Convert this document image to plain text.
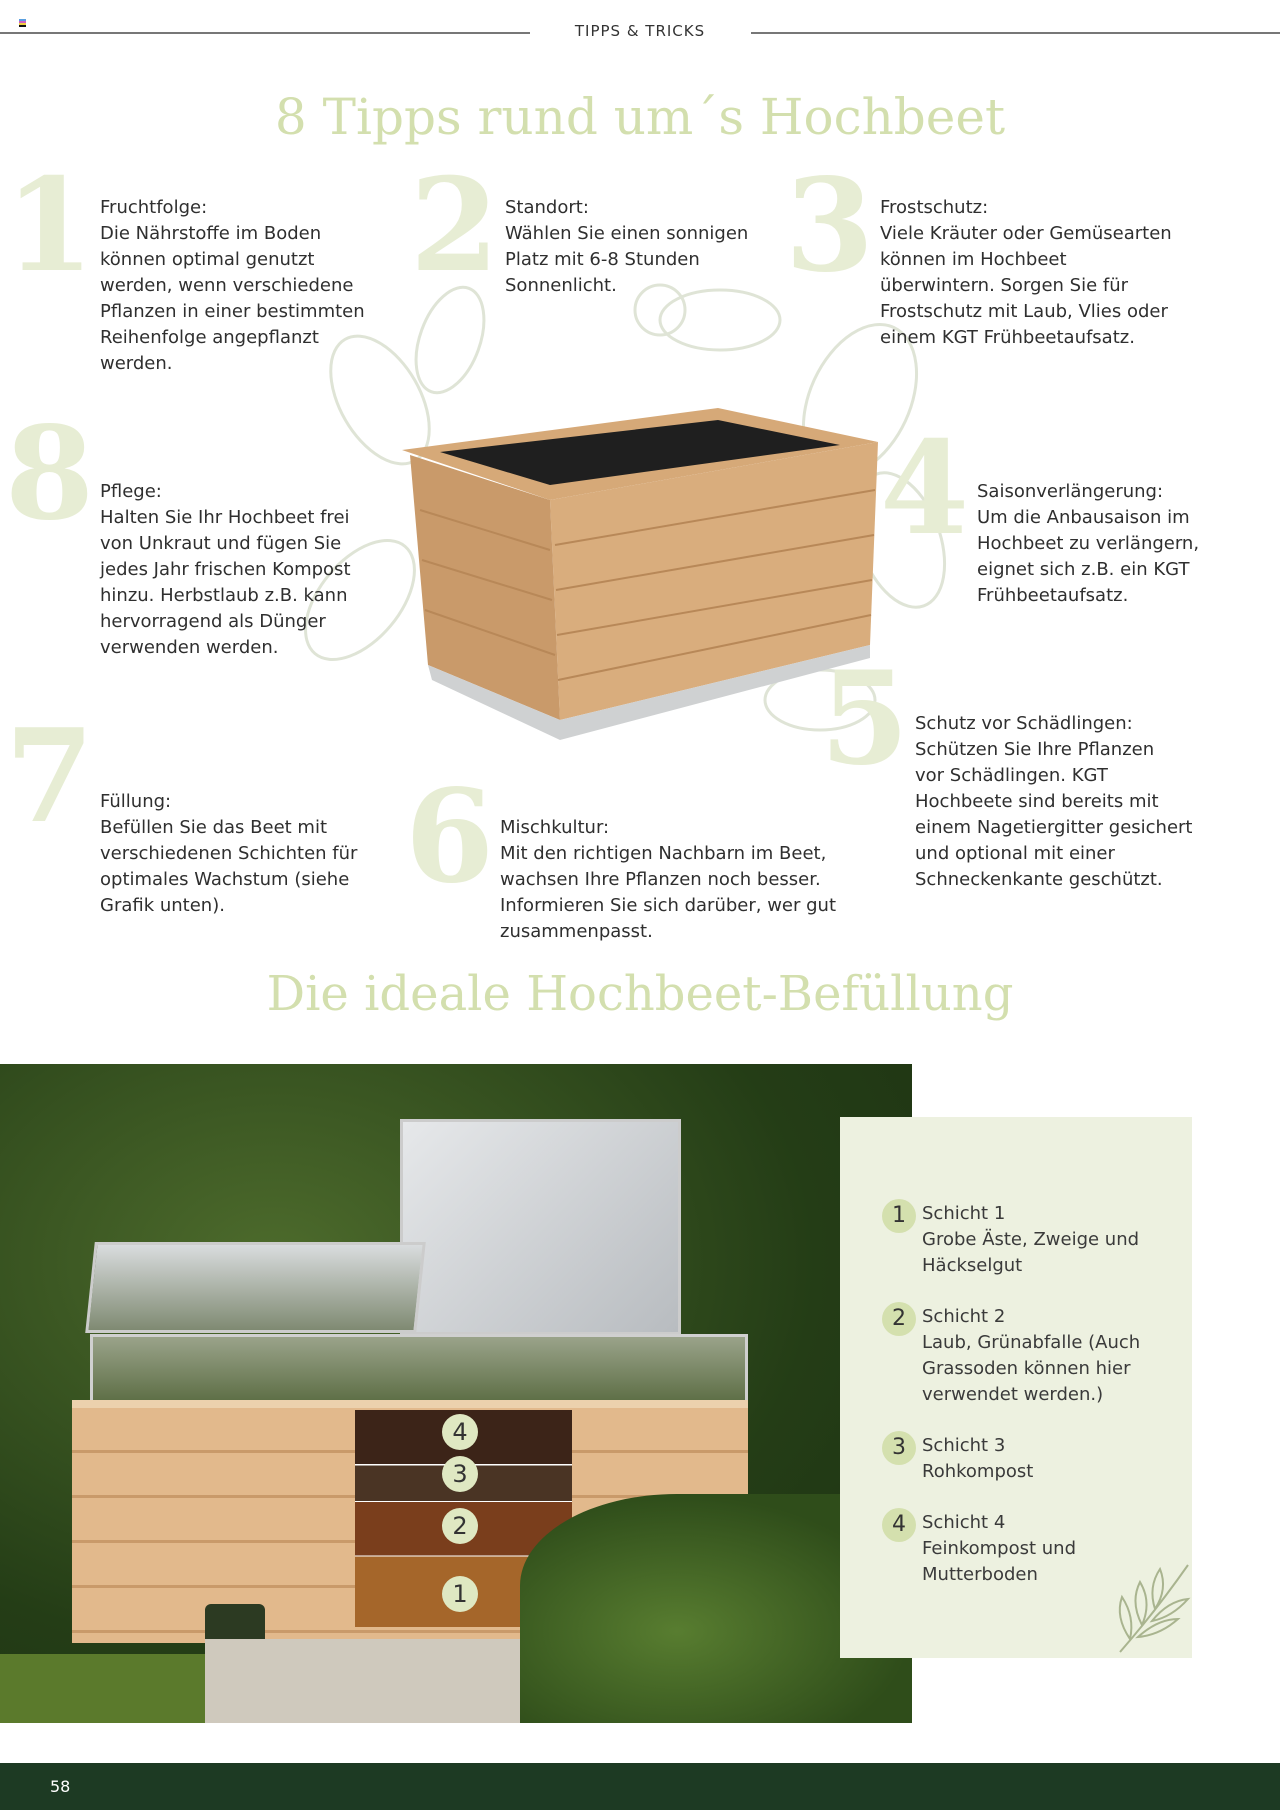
TIPPS & TRICKS
8 Tipps rund um´s Hochbeet
1 2 3
4
5
6
7
8
Fruchtfolge:
Die Nährstoffe im Boden
können optimal genutzt
werden, wenn verschiedene
Pflanzen in einer bestimmten
Reihenfolge angepflanzt
werden.
Standort:
Wählen Sie einen sonnigen
Platz mit 6-8 Stunden
Sonnenlicht.
Frostschutz:
Viele Kräuter oder Gemüsearten
können im Hochbeet
überwintern. Sorgen Sie für
Frostschutz mit Laub, Vlies oder
einem KGT Frühbeetaufsatz.
Pflege:
Halten Sie Ihr Hochbeet frei
von Unkraut und fügen Sie
jedes Jahr frischen Kompost
hinzu. Herbstlaub z.B. kann
hervorragend als Dünger
verwenden werden.
Saisonverlängerung:
Um die Anbausaison im
Hochbeet zu verlängern,
eignet sich z.B. ein KGT
Frühbeetaufsatz.
Schutz vor Schädlingen:
Schützen Sie Ihre Pflanzen
vor Schädlingen. KGT
Hochbeete sind bereits mit
einem Nagetiergitter gesichert
und optional mit einer
Schneckenkante geschützt.
Füllung:
Befüllen Sie das Beet mit
verschiedenen Schichten für
optimales Wachstum (siehe
Grafik unten).
Mischkultur:
Mit den richtigen Nachbarn im Beet,
wachsen Ihre Pflanzen noch besser.
Informieren Sie sich darüber, wer gut
zusammenpasst.
Die ideale Hochbeet-Befüllung
4
3
2
1
1 Schicht 1
Grobe Äste, Zweige und
Häckselgut
2 Schicht 2
Laub, Grünabfalle (Auch
Grassoden können hier
verwendet werden.)
3 Schicht 3
Rohkompost
4 Schicht 4
Feinkompost und
Mutterboden
58
